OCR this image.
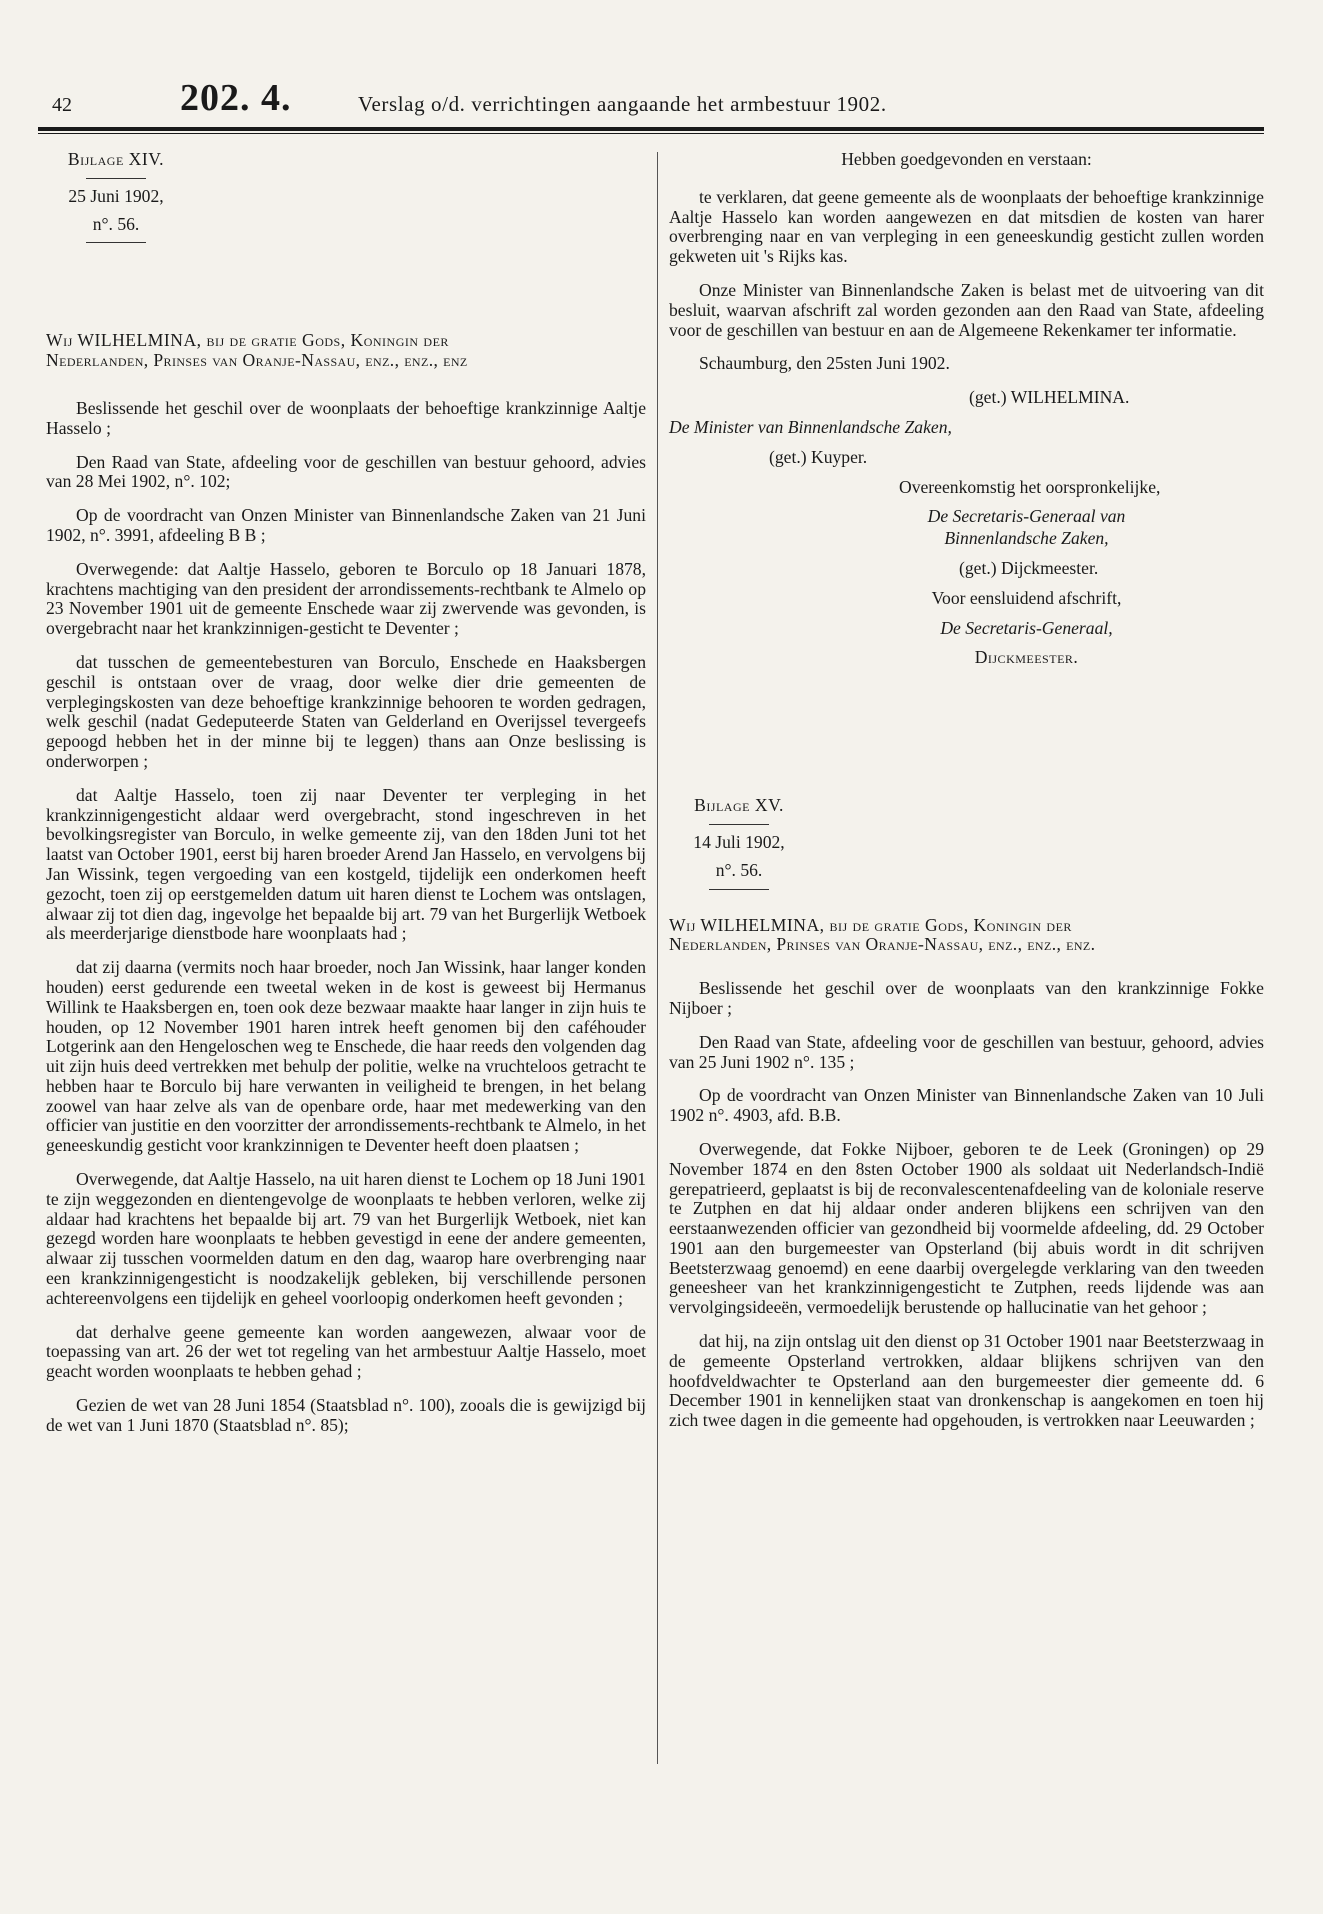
42	202. 4.	Verslag o/d. verrichtingen aangaande het armbestuur 1902.
Bijlage XIV.
25 Juni 1902,
n°. 56.

Wij WILHELMINA, bij de gratie Gods, Koningin der

Nederlanden, Prinses van Oranje-Nassau, enz., enz., enz

Beslissende het geschil over de woonplaats der behoeftige krankzinnige Aaltje Hasselo ;

Den Raad van State, afdeeling voor de geschillen van bestuur gehoord, advies van 28 Mei 1902, n°. 102;

Op de voordracht van Onzen Minister van Binnenlandsche Zaken van 21 Juni 1902, n°. 3991, afdeeling B B ;

Overwegende: dat Aaltje Hasselo, geboren te Borculo op 18 Januari 1878, krachtens machtiging van den president der arrondissements-rechtbank te Almelo op 23 November 1901 uit de gemeente Enschede waar zij zwervende was gevonden, is overgebracht naar het krankzinnigen-gesticht te Deventer ;

dat tusschen de gemeentebesturen van Borculo, Enschede en Haaksbergen geschil is ontstaan over de vraag, door welke dier drie gemeenten de verplegingskosten van deze behoeftige krankzinnige behooren te worden gedragen, welk geschil (nadat Gedeputeerde Staten van Gelderland en Overijssel tevergeefs gepoogd hebben het in der minne bij te leggen) thans aan Onze beslissing is onderworpen ;

dat Aaltje Hasselo, toen zij naar Deventer ter verpleging in het krankzinnigengesticht aldaar werd overgebracht, stond ingeschreven in het bevolkingsregister van Borculo, in welke gemeente zij, van den 18den Juni tot het laatst van October 1901, eerst bij haren broeder Arend Jan Hasselo, en vervolgens bij Jan Wissink, tegen vergoeding van een kostgeld, tijdelijk een onderkomen heeft gezocht, toen zij op eerstgemelden datum uit haren dienst te Lochem was ontslagen, alwaar zij tot dien dag, ingevolge het bepaalde bij art. 79 van het Burgerlijk Wetboek als meerderjarige dienstbode hare woonplaats had ;

dat zij daarna (vermits noch haar broeder, noch Jan Wissink, haar langer konden houden) eerst gedurende een tweetal weken in de kost is geweest bij Hermanus Willink te Haaksbergen en, toen ook deze bezwaar maakte haar langer in zijn huis te houden, op 12 November 1901 haren intrek heeft genomen bij den caféhouder Lotgerink aan den Hengeloschen weg te Enschede, die haar reeds den volgenden dag uit zijn huis deed vertrekken met behulp der politie, welke na vruchteloos getracht te hebben haar te Borculo bij hare verwanten in veiligheid te brengen, in het belang zoowel van haar zelve als van de openbare orde, haar met medewerking van den officier van justitie en den voorzitter der arrondissements-rechtbank te Almelo, in het geneeskundig gesticht voor krankzinnigen te Deventer heeft doen plaatsen ;

Overwegende, dat Aaltje Hasselo, na uit haren dienst te Lochem op 18 Juni 1901 te zijn weggezonden en dientengevolge de woonplaats te hebben verloren, welke zij aldaar had krachtens het bepaalde bij art. 79 van het Burgerlijk Wetboek, niet kan gezegd worden hare woonplaats te hebben gevestigd in eene der andere gemeenten, alwaar zij tusschen voormelden datum en den dag, waarop hare overbrenging naar een krankzinnigengesticht is noodzakelijk gebleken, bij verschillende personen achtereenvolgens een tijdelijk en geheel voorloopig onderkomen heeft gevonden ;

dat derhalve geene gemeente kan worden aangewezen, alwaar voor de toepassing van art. 26 der wet tot regeling van het armbestuur Aaltje Hasselo, moet geacht worden woonplaats te hebben gehad ;

Gezien de wet van 28 Juni 1854 (Staatsblad n°. 100), zooals die is gewijzigd bij de wet van 1 Juni 1870 (Staatsblad n°. 85);

Hebben goedgevonden en verstaan:

te verklaren, dat geene gemeente als de woonplaats der behoeftige krankzinnige Aaltje Hasselo kan worden aangewezen en dat mitsdien de kosten van harer overbrenging naar en van verpleging in een geneeskundig gesticht zullen worden gekweten uit 's Rijks kas.

Onze Minister van Binnenlandsche Zaken is belast met de uitvoering van dit besluit, waarvan afschrift zal worden gezonden aan den Raad van State, afdeeling voor de geschillen van bestuur en aan de Algemeene Rekenkamer ter informatie.

Schaumburg, den 25sten Juni 1902.

(get.) WILHELMINA.

De Minister van Binnenlandsche Zaken,

(get.) Kuyper.

Overeenkomstig het oorspronkelijke,

De Secretaris-Generaal van

Binnenlandsche Zaken,

(get.) Dijckmeester.

Voor eensluidend afschrift,

De Secretaris-Generaal,

Dijckmeester.

Bijlage XV.
14 Juli 1902,
n°. 56.

Wij WILHELMINA, bij de gratie Gods, Koningin der

Nederlanden, Prinses van Oranje-Nassau, enz., enz., enz.

Beslissende het geschil over de woonplaats van den krankzinnige Fokke Nijboer ;

Den Raad van State, afdeeling voor de geschillen van bestuur, gehoord, advies van 25 Juni 1902 n°. 135 ;

Op de voordracht van Onzen Minister van Binnenlandsche Zaken van 10 Juli 1902 n°. 4903, afd. B.B.

Overwegende, dat Fokke Nijboer, geboren te de Leek (Groningen) op 29 November 1874 en den 8sten October 1900 als soldaat uit Nederlandsch-Indië gerepatrieerd, geplaatst is bij de reconvalescentenafdeeling van de koloniale reserve te Zutphen en dat hij aldaar onder anderen blijkens een schrijven van den eerstaanwezenden officier van gezondheid bij voormelde afdeeling, dd. 29 October 1901 aan den burgemeester van Opsterland (bij abuis wordt in dit schrijven Beetsterzwaag genoemd) en eene daarbij overgelegde verklaring van den tweeden geneesheer van het krankzinnigengesticht te Zutphen, reeds lijdende was aan vervolgingsideeën, vermoedelijk berustende op hallucinatie van het gehoor ;

dat hij, na zijn ontslag uit den dienst op 31 October 1901 naar Beetsterzwaag in de gemeente Opsterland vertrokken, aldaar blijkens schrijven van den hoofdveldwachter te Opsterland aan den burgemeester dier gemeente dd. 6 December 1901 in kennelijken staat van dronkenschap is aangekomen en toen hij zich twee dagen in die gemeente had opgehouden, is vertrokken naar Leeuwarden ;
